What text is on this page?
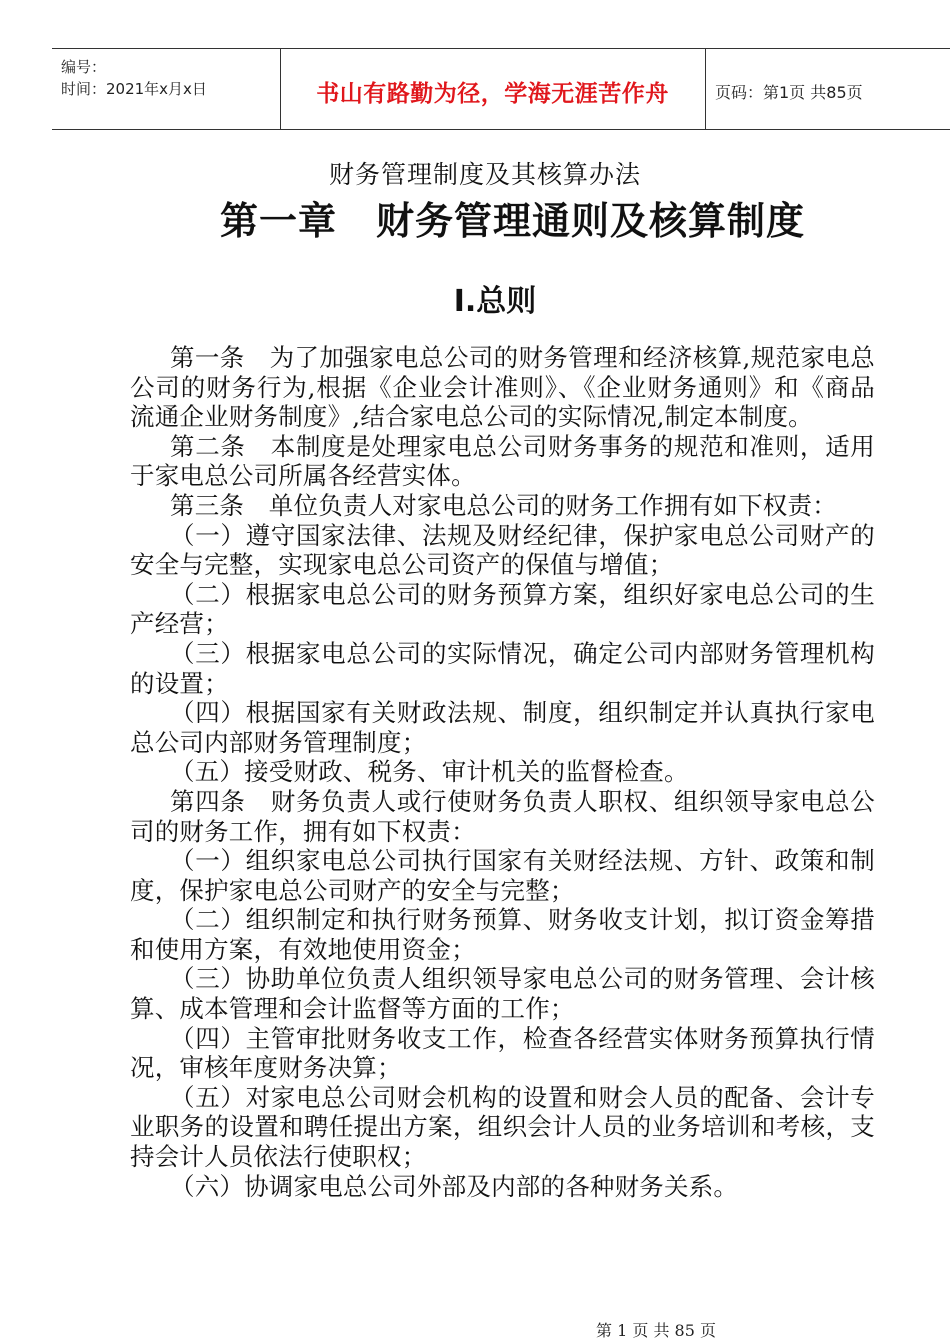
编号：
时间：2021年x月x日	书山有路勤为径，学海无涯苦作舟	页码：第1页 共85页
财务管理制度及其核算办法
第一章　财务管理通则及核算制度
Ⅰ.总则

第一条　为了加强家电总公司的财务管理和经济核算,规范家电总公司的财务行为,根据《企业会计准则》、《企业财务通则》和《商品流通企业财务制度》,结合家电总公司的实际情况,制定本制度。

第二条　本制度是处理家电总公司财务事务的规范和准则，适用于家电总公司所属各经营实体。

第三条　单位负责人对家电总公司的财务工作拥有如下权责：

（一）遵守国家法律、法规及财经纪律，保护家电总公司财产的安全与完整，实现家电总公司资产的保值与增值；

（二）根据家电总公司的财务预算方案，组织好家电总公司的生产经营；

（三）根据家电总公司的实际情况，确定公司内部财务管理机构的设置；

（四）根据国家有关财政法规、制度，组织制定并认真执行家电总公司内部财务管理制度；

（五）接受财政、税务、审计机关的监督检查。

第四条　财务负责人或行使财务负责人职权、组织领导家电总公司的财务工作，拥有如下权责：

（一）组织家电总公司执行国家有关财经法规、方针、政策和制度，保护家电总公司财产的安全与完整；

（二）组织制定和执行财务预算、财务收支计划，拟订资金筹措和使用方案，有效地使用资金；

（三）协助单位负责人组织领导家电总公司的财务管理、会计核算、成本管理和会计监督等方面的工作；

（四）主管审批财务收支工作，检查各经营实体财务预算执行情况，审核年度财务决算；

（五）对家电总公司财会机构的设置和财会人员的配备、会计专业职务的设置和聘任提出方案，组织会计人员的业务培训和考核，支持会计人员依法行使职权；

（六）协调家电总公司外部及内部的各种财务关系。

第 1 页 共 85 页
